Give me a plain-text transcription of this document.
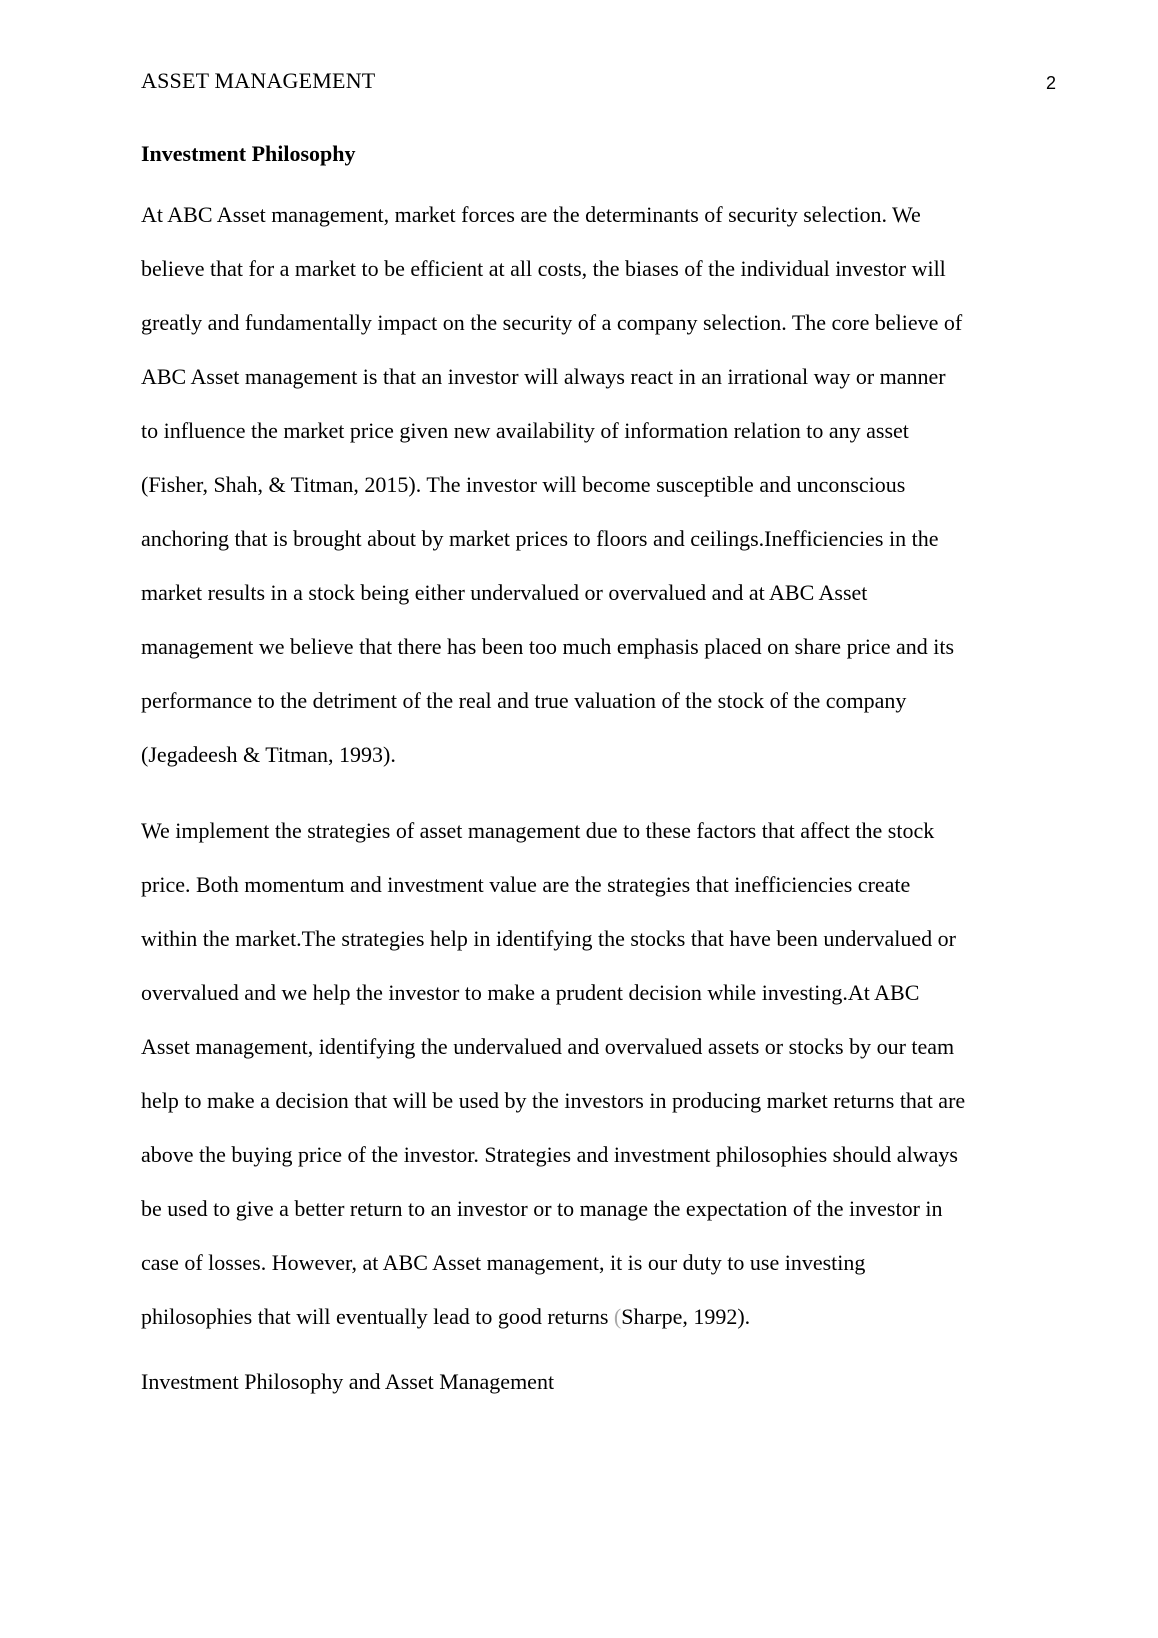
ASSET MANAGEMENT	2
Investment Philosophy
At ABC Asset management, market forces are the determinants of security selection. We
believe that for a market to be efficient at all costs, the biases of the individual investor will
greatly and fundamentally impact on the security of a company selection. The core believe of
ABC Asset management is that an investor will always react in an irrational way or manner
to influence the market price given new availability of information relation to any asset
(Fisher, Shah, & Titman, 2015). The investor will become susceptible and unconscious
anchoring that is brought about by market prices to floors and ceilings.Inefficiencies in the
market results in a stock being either undervalued or overvalued and at ABC Asset
management we believe that there has been too much emphasis placed on share price and its
performance to the detriment of the real and true valuation of the stock of the company
(Jegadeesh & Titman, 1993).
We implement the strategies of asset management due to these factors that affect the stock
price. Both momentum and investment value are the strategies that inefficiencies create
within the market.The strategies help in identifying the stocks that have been undervalued or
overvalued and we help the investor to make a prudent decision while investing.At ABC
Asset management, identifying the undervalued and overvalued assets or stocks by our team
help to make a decision that will be used by the investors in producing market returns that are
above the buying price of the investor. Strategies and investment philosophies should always
be used to give a better return to an investor or to manage the expectation of the investor in
case of losses. However, at ABC Asset management, it is our duty to use investing
philosophies that will eventually lead to good returns (Sharpe, 1992).
Investment Philosophy and Asset Management
